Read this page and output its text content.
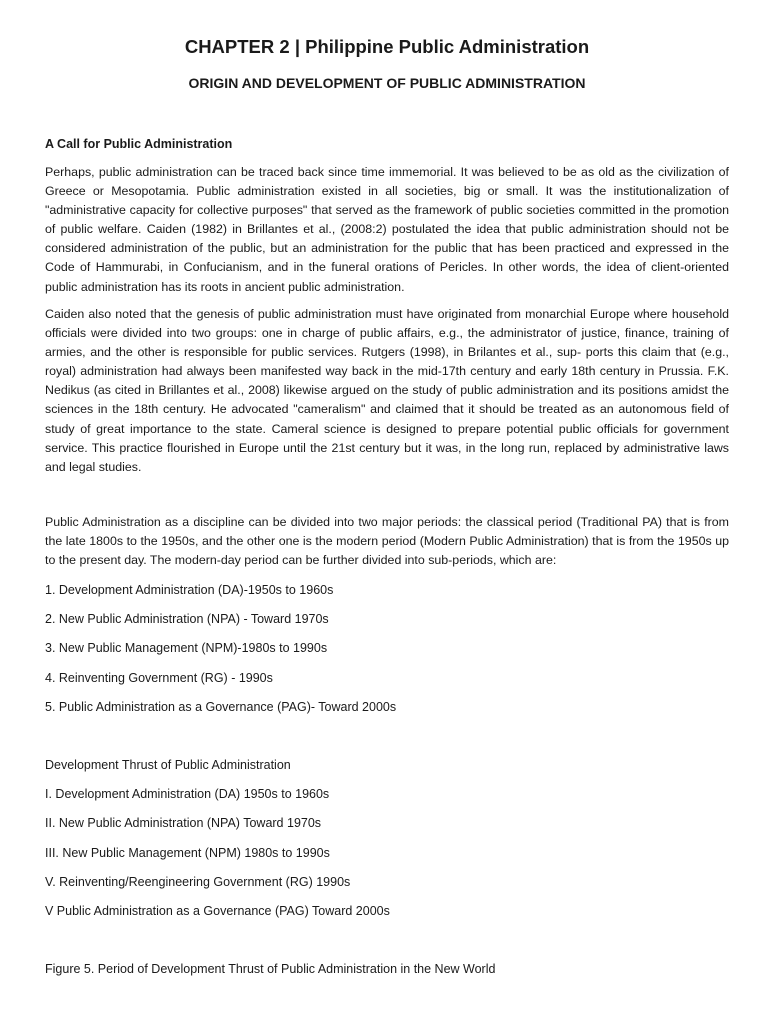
CHAPTER 2 | Philippine Public Administration
ORIGIN AND DEVELOPMENT OF PUBLIC ADMINISTRATION
A Call for Public Administration

Perhaps, public administration can be traced back since time immemorial. It was believed to be as old as the civilization of Greece or Mesopotamia. Public administration existed in all societies, big or small. It was the institutionalization of "administrative capacity for collective purposes" that served as the framework of public societies committed in the promotion of public welfare. Caiden (1982) in Brillantes et al., (2008:2) postulated the idea that public administration should not be considered administration of the public, but an administration for the public that has been practiced and expressed in the Code of Hammurabi, in Confucianism, and in the funeral orations of Pericles. In other words, the idea of client-oriented public administration has its roots in ancient public administration.

Caiden also noted that the genesis of public administration must have originated from monarchial Europe where household officials were divided into two groups: one in charge of public affairs, e.g., the administrator of justice, finance, training of armies, and the other is responsible for public services. Rutgers (1998), in Brilantes et al., sup- ports this claim that (e.g., royal) administration had always been manifested way back in the mid-17th century and early 18th century in Prussia. F.K. Nedikus (as cited in Brillantes et al., 2008) likewise argued on the study of public administration and its positions amidst the sciences in the 18th century. He advocated "cameralism" and claimed that it should be treated as an autonomous field of study of great importance to the state. Cameral science is designed to prepare potential public officials for government service. This practice flourished in Europe until the 21st century but it was, in the long run, replaced by administrative laws and legal studies.

Public Administration as a discipline can be divided into two major periods: the classical period (Traditional PA) that is from the late 1800s to the 1950s, and the other one is the modern period (Modern Public Administration) that is from the 1950s up to the present day. The modern-day period can be further divided into sub-periods, which are:

1. Development Administration (DA)-1950s to 1960s

2. New Public Administration (NPA) - Toward 1970s

3. New Public Management (NPM)-1980s to 1990s

4. Reinventing Government (RG) - 1990s

5. Public Administration as a Governance (PAG)- Toward 2000s

Development Thrust of Public Administration

I. Development Administration (DA) 1950s to 1960s

II. New Public Administration (NPA) Toward 1970s

III. New Public Management (NPM) 1980s to 1990s

V. Reinventing/Reengineering Government (RG) 1990s

V Public Administration as a Governance (PAG) Toward 2000s

Figure 5. Period of Development Thrust of Public Administration in the New World
